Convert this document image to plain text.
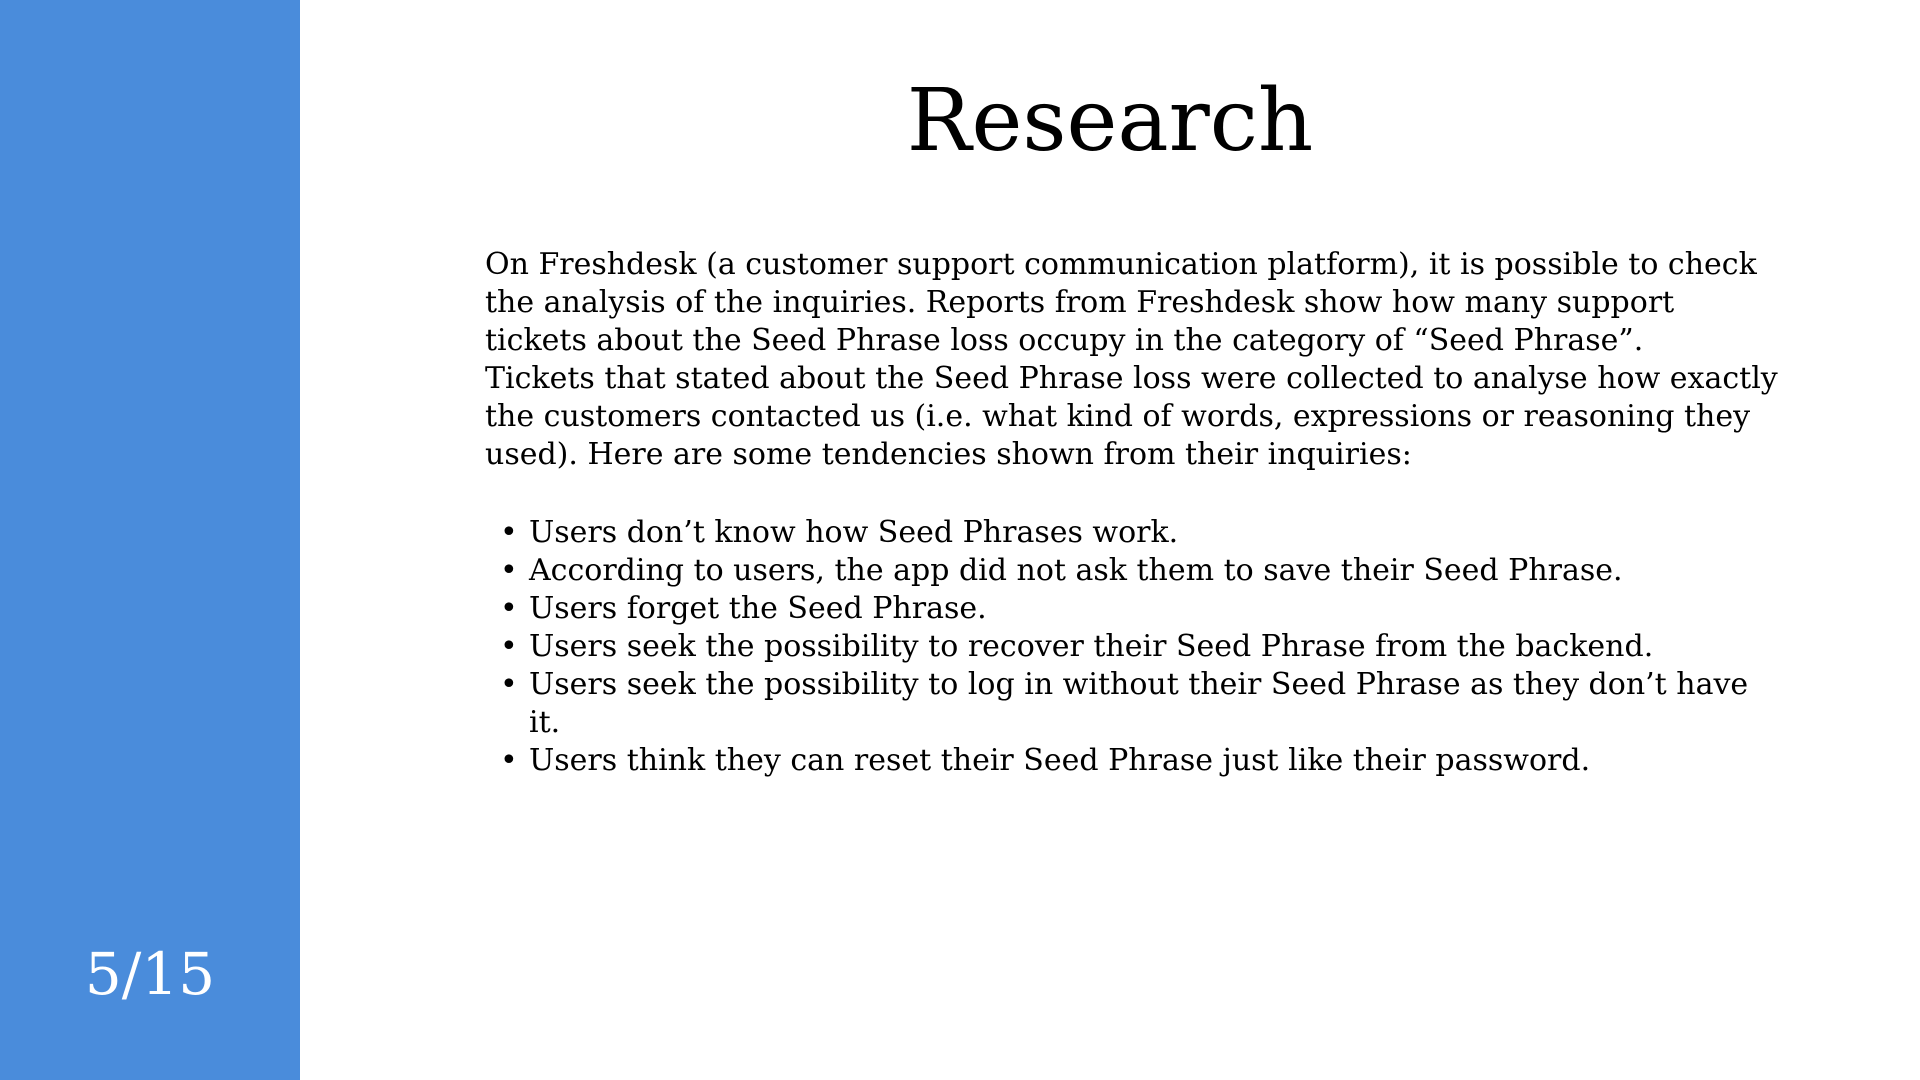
5/15
Research

On Freshdesk (a customer support communication platform), it is possible to check the analysis of the inquiries. Reports from Freshdesk show how many support tickets about the Seed Phrase loss occupy in the category of “Seed Phrase”.

Tickets that stated about the Seed Phrase loss were collected to analyse how exactly the customers contacted us (i.e. what kind of words, expressions or reasoning they used). Here are some tendencies shown from their inquiries:

• Users don’t know how Seed Phrases work.
• According to users, the app did not ask them to save their Seed Phrase.
• Users forget the Seed Phrase.
• Users seek the possibility to recover their Seed Phrase from the backend.
• Users seek the possibility to log in without their Seed Phrase as they don’t have it.
• Users think they can reset their Seed Phrase just like their password.
